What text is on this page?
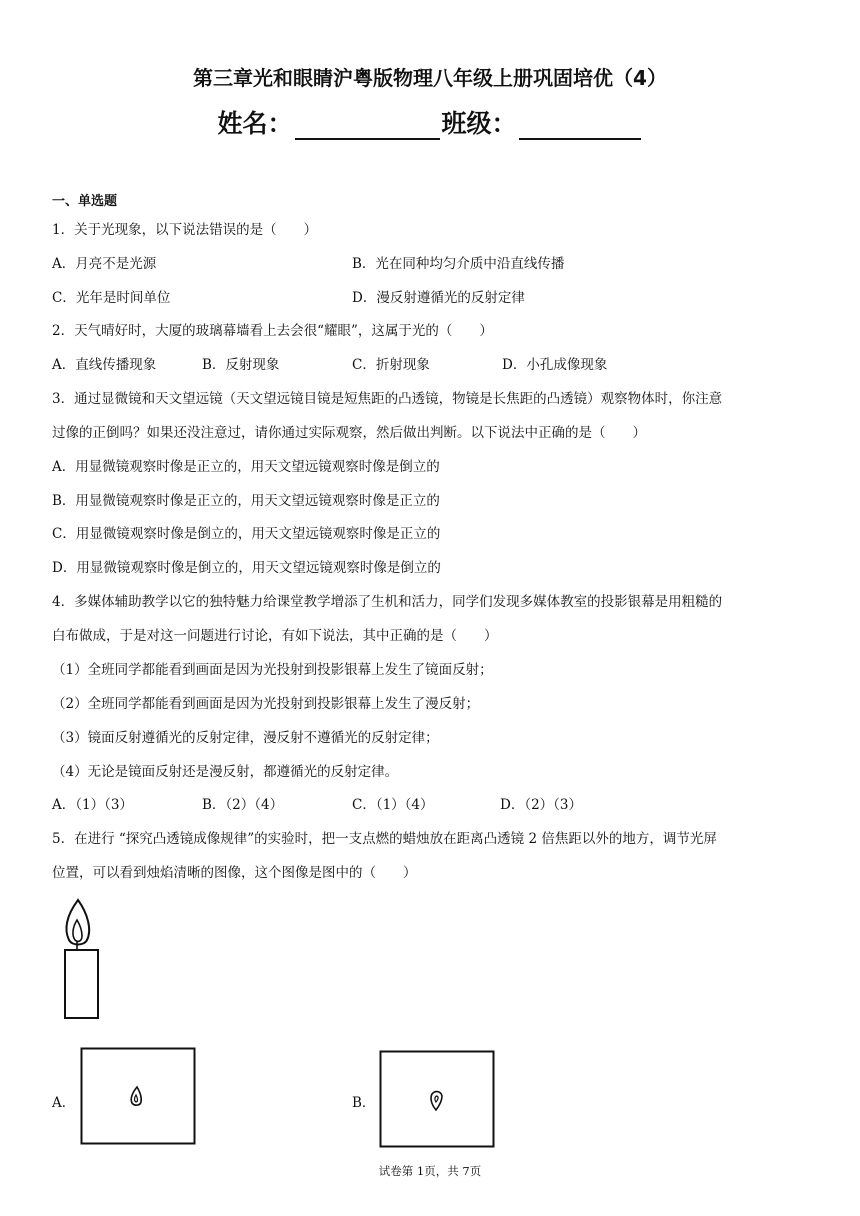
第三章光和眼睛沪粤版物理八年级上册巩固培优（4）
姓名：	班级：
一、单选题
1．关于光现象，以下说法错误的是（　　）
A．月亮不是光源	B．光在同种均匀介质中沿直线传播
C．光年是时间单位	D．漫反射遵循光的反射定律
2．天气晴好时，大厦的玻璃幕墙看上去会很“耀眼”，这属于光的（　　）
A．直线传播现象	B．反射现象	C．折射现象	D．小孔成像现象
3．通过显微镜和天文望远镜（天文望远镜目镜是短焦距的凸透镜，物镜是长焦距的凸透镜）观察物体时，你注意
过像的正倒吗？如果还没注意过，请你通过实际观察，然后做出判断。以下说法中正确的是（　　）
A．用显微镜观察时像是正立的，用天文望远镜观察时像是倒立的
B．用显微镜观察时像是正立的，用天文望远镜观察时像是正立的
C．用显微镜观察时像是倒立的，用天文望远镜观察时像是正立的
D．用显微镜观察时像是倒立的，用天文望远镜观察时像是倒立的
4．多媒体辅助教学以它的独特魅力给课堂教学增添了生机和活力，同学们发现多媒体教室的投影银幕是用粗糙的
白布做成，于是对这一问题进行讨论，有如下说法，其中正确的是（　　）
（1）全班同学都能看到画面是因为光投射到投影银幕上发生了镜面反射；
（2）全班同学都能看到画面是因为光投射到投影银幕上发生了漫反射；
（3）镜面反射遵循光的反射定律，漫反射不遵循光的反射定律；
（4）无论是镜面反射还是漫反射，都遵循光的反射定律。
A．（1）（3）	B．（2）（4）	C．（1）（4）	D．（2）（3）
5．在进行 “探究凸透镜成像规律”的实验时，把一支点燃的蜡烛放在距离凸透镜 2 倍焦距以外的地方，调节光屏
位置，可以看到烛焰清晰的图像，这个图像是图中的（　　）
A．	B．
试卷第 1页，共 7页
